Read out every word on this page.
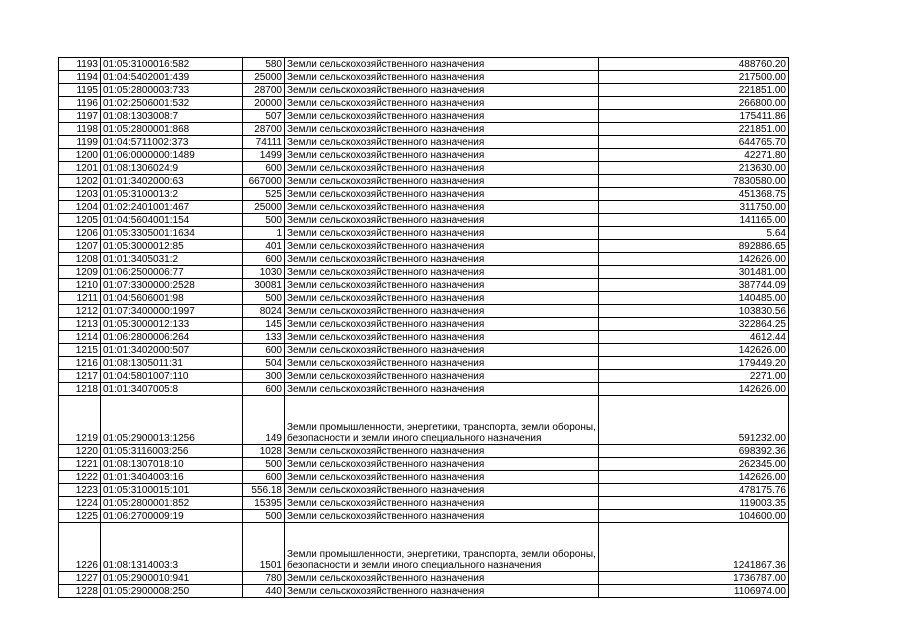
1193	01:05:3100016:582	580	Земли сельскохозяйственного назначения	488760.20
1194	01:04:5402001:439	25000	Земли сельскохозяйственного назначения	217500.00
1195	01:05:2800003:733	28700	Земли сельскохозяйственного назначения	221851.00
1196	01:02:2506001:532	20000	Земли сельскохозяйственного назначения	266800.00
1197	01:08:1303008:7	507	Земли сельскохозяйственного назначения	175411.86
1198	01:05:2800001:868	28700	Земли сельскохозяйственного назначения	221851.00
1199	01:04:5711002:373	74111	Земли сельскохозяйственного назначения	644765.70
1200	01:06:0000000:1489	1499	Земли сельскохозяйственного назначения	42271.80
1201	01:08:1306024:9	600	Земли сельскохозяйственного назначения	213630.00
1202	01:01:3402000:63	667000	Земли сельскохозяйственного назначения	7830580.00
1203	01:05:3100013:2	525	Земли сельскохозяйственного назначения	451368.75
1204	01:02:2401001:467	25000	Земли сельскохозяйственного назначения	311750.00
1205	01:04:5604001:154	500	Земли сельскохозяйственного назначения	141165.00
1206	01:05:3305001:1634	1	Земли сельскохозяйственного назначения	5.64
1207	01:05:3000012:85	401	Земли сельскохозяйственного назначения	892886.65
1208	01:01:3405031:2	600	Земли сельскохозяйственного назначения	142626.00
1209	01:06:2500006:77	1030	Земли сельскохозяйственного назначения	301481.00
1210	01:07:3300000:2528	30081	Земли сельскохозяйственного назначения	387744.09
1211	01:04:5606001:98	500	Земли сельскохозяйственного назначения	140485.00
1212	01:07:3400000:1997	8024	Земли сельскохозяйственного назначения	103830.56
1213	01:05:3000012:133	145	Земли сельскохозяйственного назначения	322864.25
1214	01:06:2800006:264	133	Земли сельскохозяйственного назначения	4612.44
1215	01:01:3402000:507	600	Земли сельскохозяйственного назначения	142626.00
1216	01:08:1305011:31	504	Земли сельскохозяйственного назначения	179449.20
1217	01:04:5801007:110	300	Земли сельскохозяйственного назначения	2271.00
1218	01:01:3407005:8	600	Земли сельскохозяйственного назначения	142626.00
1219	01:05:2900013:1256	149	Земли промышленности, энергетики, транспорта, земли обороны, безопасности и земли иного специального назначения	591232.00
1220	01:05:3116003:256	1028	Земли сельскохозяйственного назначения	698392.36
1221	01:08:1307018:10	500	Земли сельскохозяйственного назначения	262345.00
1222	01:01:3404003:16	600	Земли сельскохозяйственного назначения	142626.00
1223	01:05:3100015:101	556.18	Земли сельскохозяйственного назначения	478175.76
1224	01:05:2800001:852	15395	Земли сельскохозяйственного назначения	119003.35
1225	01:06:2700009:19	500	Земли сельскохозяйственного назначения	104600.00
1226	01:08:1314003:3	1501	Земли промышленности, энергетики, транспорта, земли обороны, безопасности и земли иного специального назначения	1241867.36
1227	01:05:2900010:941	780	Земли сельскохозяйственного назначения	1736787.00
1228	01:05:2900008:250	440	Земли сельскохозяйственного назначения	1106974.00
